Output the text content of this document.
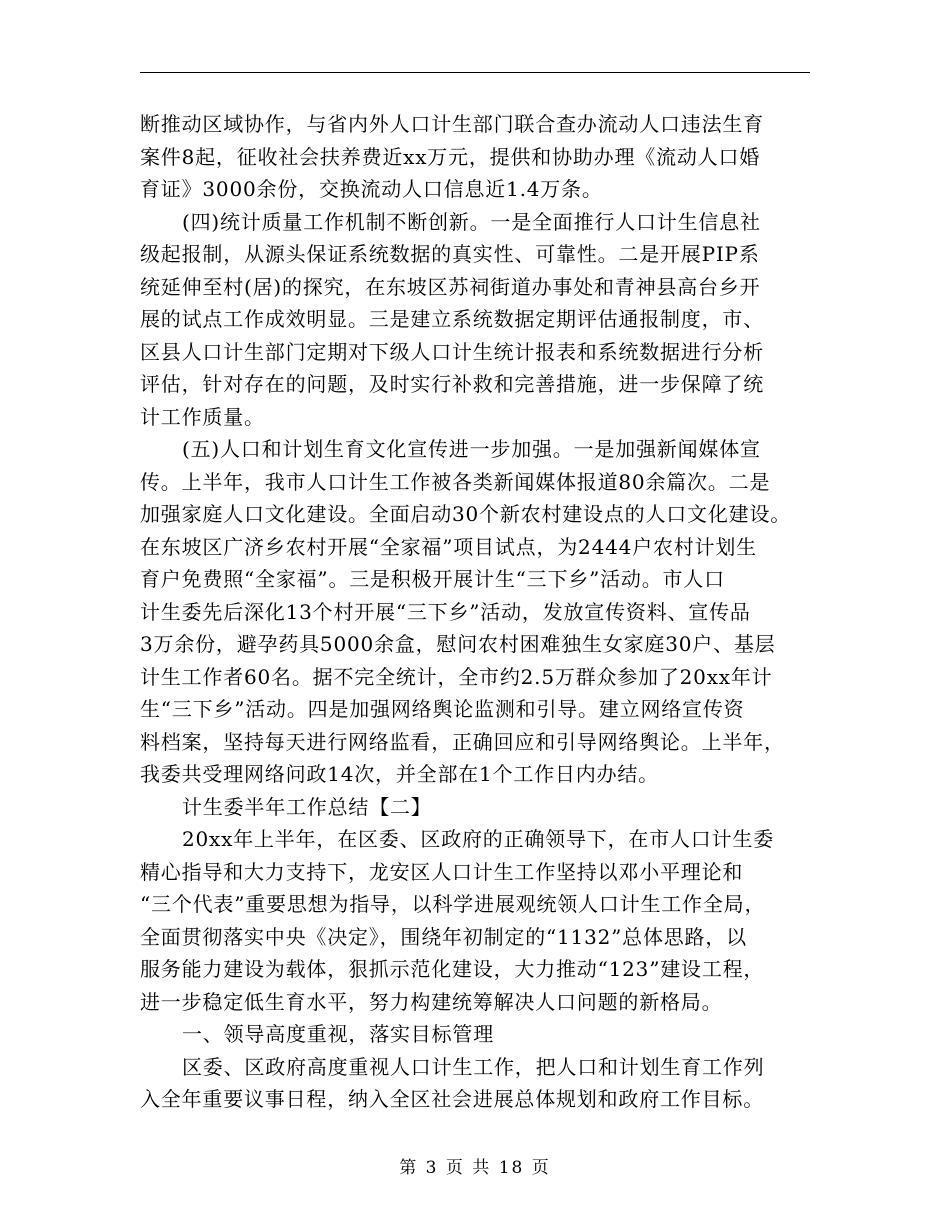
断推动区域协作，与省内外人口计生部门联合查办流动人口违法生育
案件8起，征收社会扶养费近xx万元，提供和协助办理《流动人口婚
育证》3000余份，交换流动人口信息近1.4万条。
(四)统计质量工作机制不断创新。一是全面推行人口计生信息社
级起报制，从源头保证系统数据的真实性、可靠性。二是开展PIP系
统延伸至村(居)的探究，在东坡区苏祠街道办事处和青神县高台乡开
展的试点工作成效明显。三是建立系统数据定期评估通报制度，市、
区县人口计生部门定期对下级人口计生统计报表和系统数据进行分析
评估，针对存在的问题，及时实行补救和完善措施，进一步保障了统
计工作质量。
(五)人口和计划生育文化宣传进一步加强。一是加强新闻媒体宣
传。上半年，我市人口计生工作被各类新闻媒体报道80余篇次。二是
加强家庭人口文化建设。全面启动30个新农村建设点的人口文化建设。
在东坡区广济乡农村开展“全家福”项目试点，为2444户农村计划生
育户免费照“全家福”。三是积极开展计生“三下乡”活动。市人口
计生委先后深化13个村开展“三下乡”活动，发放宣传资料、宣传品
3万余份，避孕药具5000余盒，慰问农村困难独生女家庭30户、基层
计生工作者60名。据不完全统计，全市约2.5万群众参加了20xx年计
生“三下乡”活动。四是加强网络舆论监测和引导。建立网络宣传资
料档案，坚持每天进行网络监看，正确回应和引导网络舆论。上半年，
我委共受理网络问政14次，并全部在1个工作日内办结。
计生委半年工作总结【二】
20xx年上半年，在区委、区政府的正确领导下，在市人口计生委
精心指导和大力支持下，龙安区人口计生工作坚持以邓小平理论和
“三个代表”重要思想为指导，以科学进展观统领人口计生工作全局，
全面贯彻落实中央《决定》，围绕年初制定的“1132”总体思路，以
服务能力建设为载体，狠抓示范化建设，大力推动“123”建设工程，
进一步稳定低生育水平，努力构建统筹解决人口问题的新格局。
一、领导高度重视，落实目标管理
区委、区政府高度重视人口计生工作，把人口和计划生育工作列
入全年重要议事日程，纳入全区社会进展总体规划和政府工作目标。
第 3 页 共 18 页
